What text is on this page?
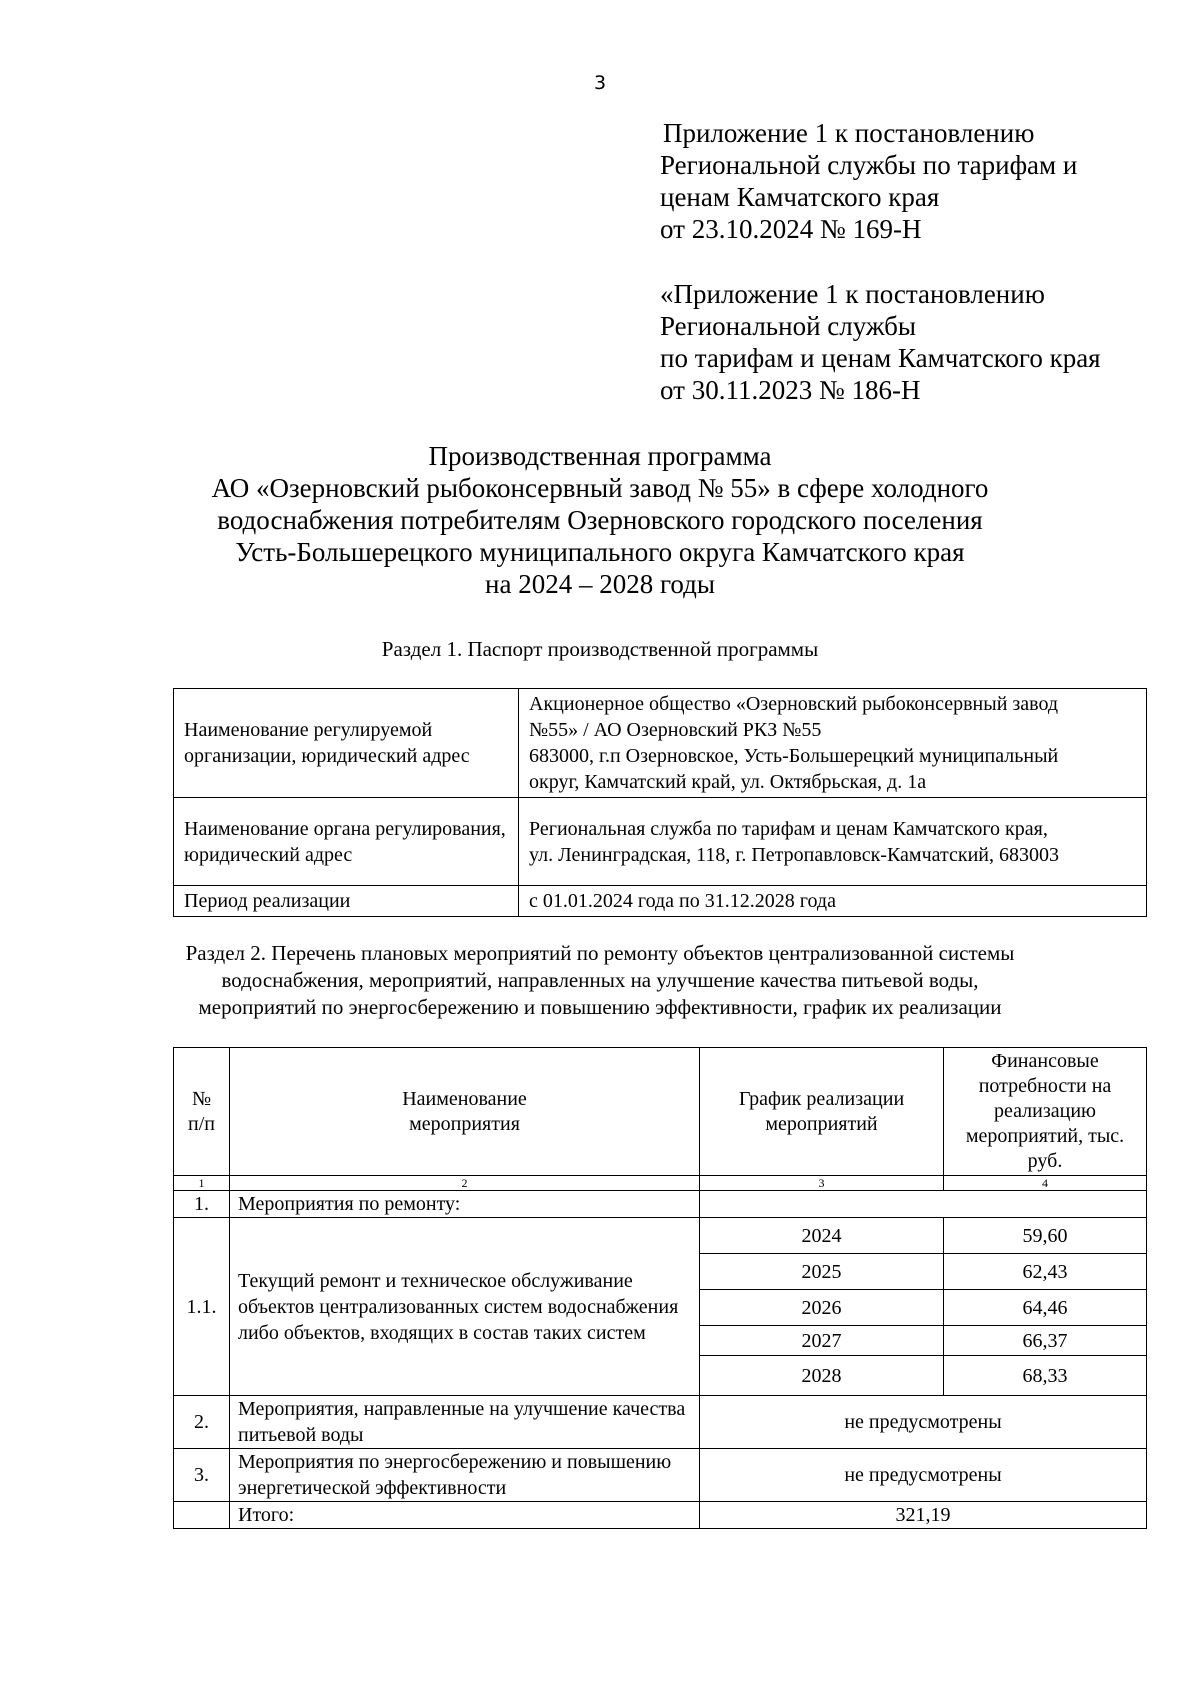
3
Приложение 1 к постановлению
Региональной службы по тарифам и
ценам Камчатского края
от 23.10.2024 № 169-Н
«Приложение 1 к постановлению
Региональной службы
по тарифам и ценам Камчатского края
от 30.11.2023 № 186-Н
Производственная программа
АО «Озерновский рыбоконсервный завод № 55» в сфере холодного
водоснабжения потребителям Озерновского городского поселения
Усть-Большерецкого муниципального округа Камчатского края
на 2024 – 2028 годы
Раздел 1. Паспорт производственной программы
Наименование регулируемой организации, юридический адрес	Акционерное общество «Озерновский рыбоконсервный завод
№55» / АО Озерновский РКЗ №55
683000, г.п Озерновское, Усть-Большерецкий муниципальный
округ, Камчатский край, ул. Октябрьская, д. 1а

Наименование органа регулирования, юридический адрес	Региональная служба по тарифам и ценам Камчатского края,
ул. Ленинградская, 118, г. Петропавловск-Камчатский, 683003

Период реализации	с 01.01.2024 года по 31.12.2028 года
Раздел 2. Перечень плановых мероприятий по ремонту объектов централизованной системы
водоснабжения, мероприятий, направленных на улучшение качества питьевой воды,
мероприятий по энергосбережению и повышению эффективности, график их реализации
№ п/п	Наименование мероприятия	График реализации мероприятий	Финансовые потребности на реализацию мероприятий, тыс. руб.
1	2	3	4
1.	Мероприятия по ремонту:		
1.1.	Текущий ремонт и техническое обслуживание объектов централизованных систем водоснабжения либо объектов, входящих в состав таких систем	2024	59,60
		2025	62,43
		2026	64,46
		2027	66,37
		2028	68,33
2.	Мероприятия, направленные на улучшение качества питьевой воды	не предусмотрены	
3.	Мероприятия по энергосбережению и повышению энергетической эффективности	не предусмотрены	
	Итого:	321,19	
